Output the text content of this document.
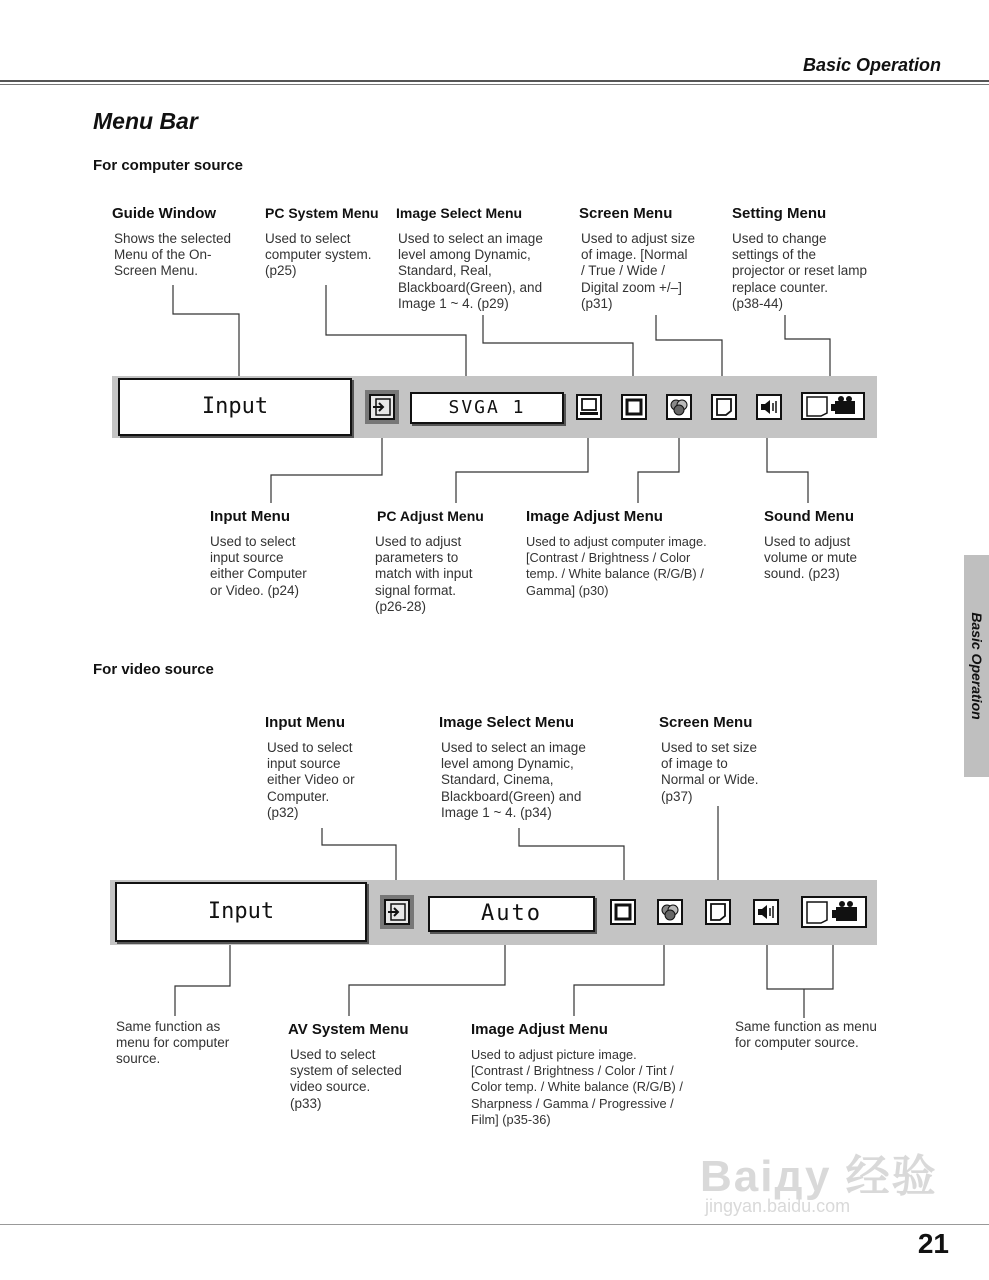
Basic Operation
Menu Bar
For computer source
Guide Window
Shows the selected
Menu of the On-
Screen Menu.
PC System Menu
Used to select
computer system.
(p25)
Image Select Menu
Used to select an image
level among Dynamic,
Standard, Real,
Blackboard(Green), and
Image 1 ~ 4. (p29)
Screen Menu
Used to adjust size
of image. [Normal
/ True / Wide /
Digital zoom +/–]
(p31)
Setting Menu
Used to change
settings of the
projector or reset lamp
replace counter.
(p38-44)
Input	SVGA 1
Input Menu
Used to select
input source
either Computer
or Video. (p24)
PC Adjust Menu
Used to adjust
parameters to
match with input
signal format.
(p26-28)
Image Adjust Menu
Used to adjust computer image.
[Contrast / Brightness / Color
temp. / White balance (R/G/B) /
Gamma] (p30)
Sound Menu
Used to adjust
volume or mute
sound. (p23)
For video source
Input Menu
Used to select
input source
either Video or
Computer.
(p32)
Image Select Menu
Used to select an image
level among Dynamic,
Standard, Cinema,
Blackboard(Green) and
Image 1 ~ 4. (p34)
Screen Menu
Used to set size
of image to
Normal or Wide.
(p37)
Input	Auto
Same function as
menu for computer
source.
AV System Menu
Used to select
system of selected
video source.
(p33)
Image Adjust Menu
Used to adjust picture image.
[Contrast / Brightness / Color / Tint /
Color temp. / White balance (R/G/B) /
Sharpness / Gamma / Progressive /
Film] (p35-36)
Same function as menu
for computer source.
Basic Operation
Baiду 经验
jingyan.baidu.com
21
